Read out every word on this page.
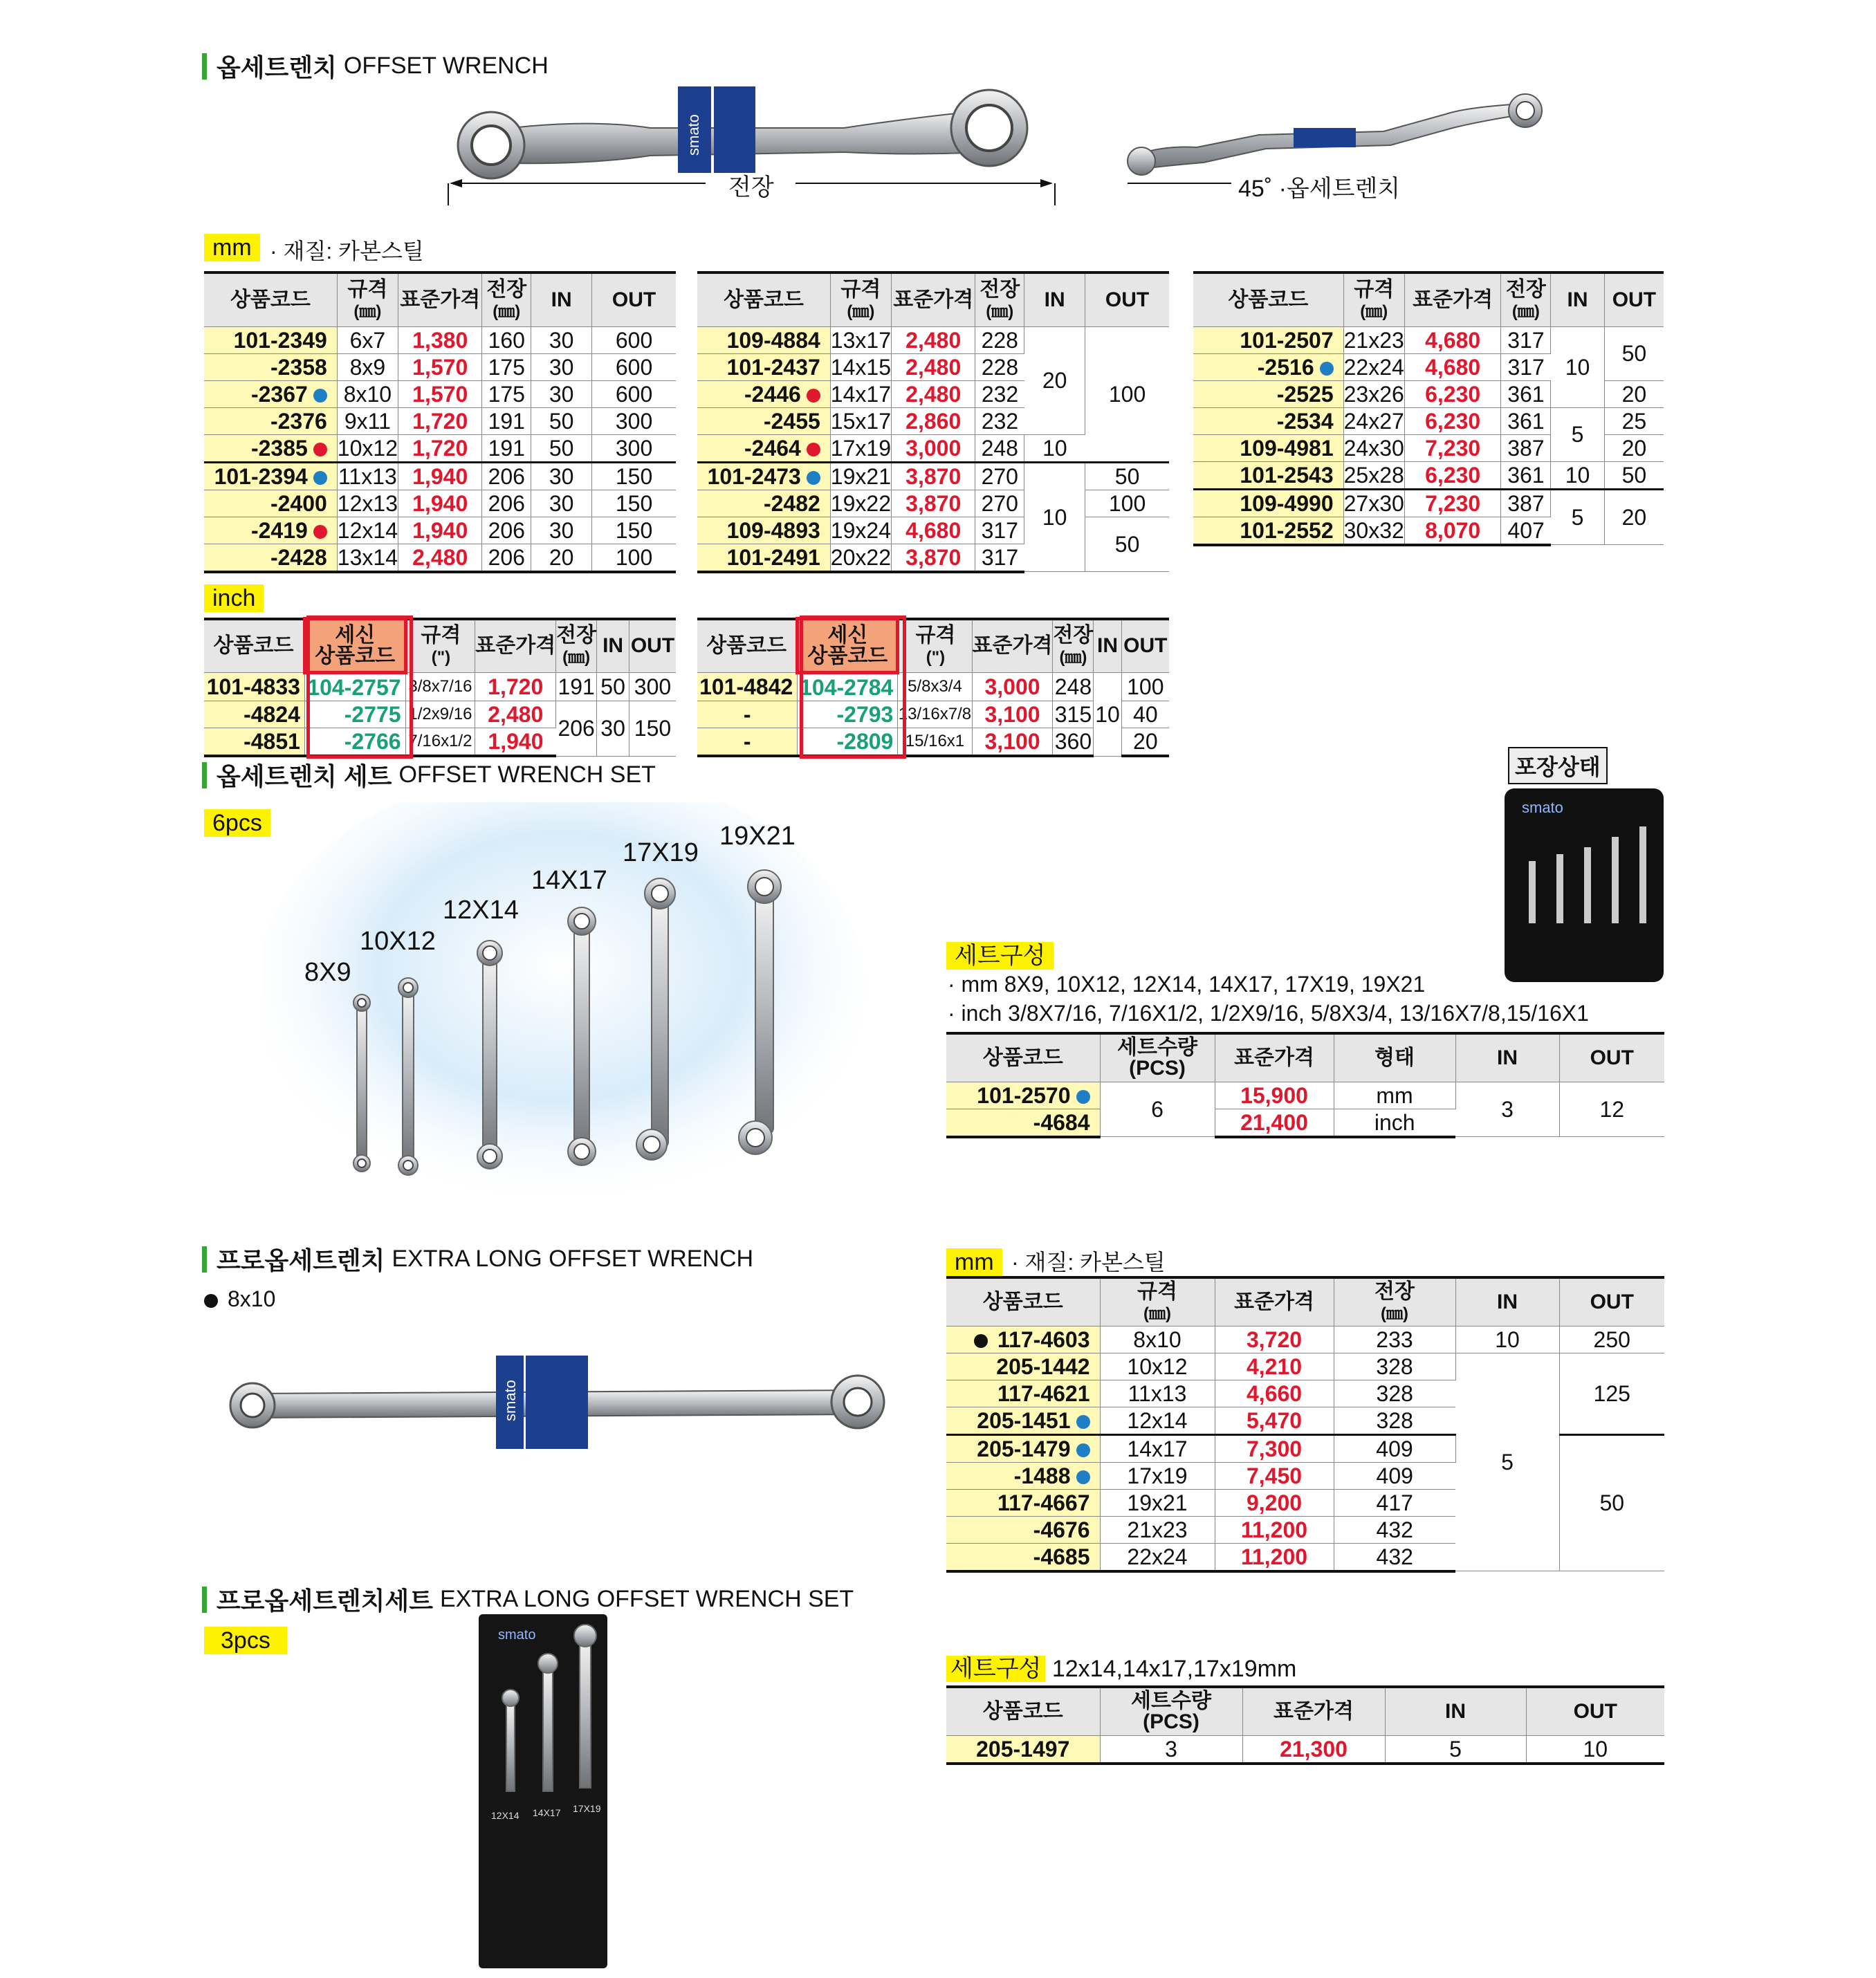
옵세트렌치 OFFSET WRENCH
smato
전장	45˚ ·옵세트렌치
mm · 재질: 카본스틸
상품코드	규격
(㎜)	표준가격	전장
(㎜)	IN	OUT
101-2349	6x7	1,380	160	30	600
-2358	8x9	1,570	175	30	600
-2367	8x10	1,570	175	30	600
-2376	9x11	1,720	191	50	300
-2385	10x12	1,720	191	50	300
101-2394	11x13	1,940	206	30	150
-2400	12x13	1,940	206	30	150
-2419	12x14	1,940	206	30	150
-2428	13x14	2,480	206	20	100
상품코드	규격
(㎜)	표준가격	전장
(㎜)	IN	OUT
109-4884	13x17	2,480	228	20	100
101-2437	14x15	2,480	228		
-2446	14x17	2,480	232		
-2455	15x17	2,860	232		
-2464	17x19	3,000	248	10	
101-2473	19x21	3,870	270	10	50
-2482	19x22	3,870	270		100
109-4893	19x24	4,680	317		50
101-2491	20x22	3,870	317		
상품코드	규격
(㎜)	표준가격	전장
(㎜)	IN	OUT
101-2507	21x23	4,680	317	10	50
-2516	22x24	4,680	317		
-2525	23x26	6,230	361		20
-2534	24x27	6,230	361	5	25
109-4981	24x30	7,230	387		20
101-2543	25x28	6,230	361	10	50
109-4990	27x30	7,230	387	5	20
101-2552	30x32	8,070	407		
inch
상품코드	세신
상품코드	규격
(")	표준가격	전장
(㎜)	IN	OUT
101-4833	104-2757	3/8x7/16	1,720	191	50	300
-4824	-2775	1/2x9/16	2,480	206	30	150
-4851	-2766	7/16x1/2	1,940			
상품코드	세신
상품코드	규격
(")	표준가격	전장
(㎜)	IN	OUT
101-4842	104-2784	5/8x3/4	3,000	248	10	100
-	-2793	13/16x7/8	3,100	315		40
-	-2809	15/16x1	3,100	360		20
옵세트렌치 세트 OFFSET WRENCH SET
6pcs
8X9
10X12
12X14
14X17
17X19
19X21
포장상태
smato
세트구성
· mm 8X9, 10X12, 12X14, 14X17, 17X19, 19X21
· inch 3/8X7/16, 7/16X1/2, 1/2X9/16, 5/8X3/4, 13/16X7/8,15/16X1
상품코드	세트수량
(PCS)	표준가격	형태	IN	OUT
101-2570	6	15,900	mm	3	12
-4684		21,400	inch		
프로옵세트렌치 EXTRA LONG OFFSET WRENCH
8x10
smato
mm · 재질: 카본스틸
상품코드	규격
(㎜)	표준가격	전장
(㎜)	IN	OUT
117-4603	8x10	3,720	233	10	250
205-1442	10x12	4,210	328	5	125
117-4621	11x13	4,660	328		
205-1451	12x14	5,470	328		
205-1479	14x17	7,300	409		50
-1488	17x19	7,450	409		
117-4667	19x21	9,200	417		
-4676	21x23	11,200	432		
-4685	22x24	11,200	432		
프로옵세트렌치세트 EXTRA LONG OFFSET WRENCH SET
3pcs	smato
12X14 14X17 17X19
세트구성 12x14,14x17,17x19mm
상품코드	세트수량
(PCS)	표준가격	IN	OUT
205-1497	3	21,300	5	10
